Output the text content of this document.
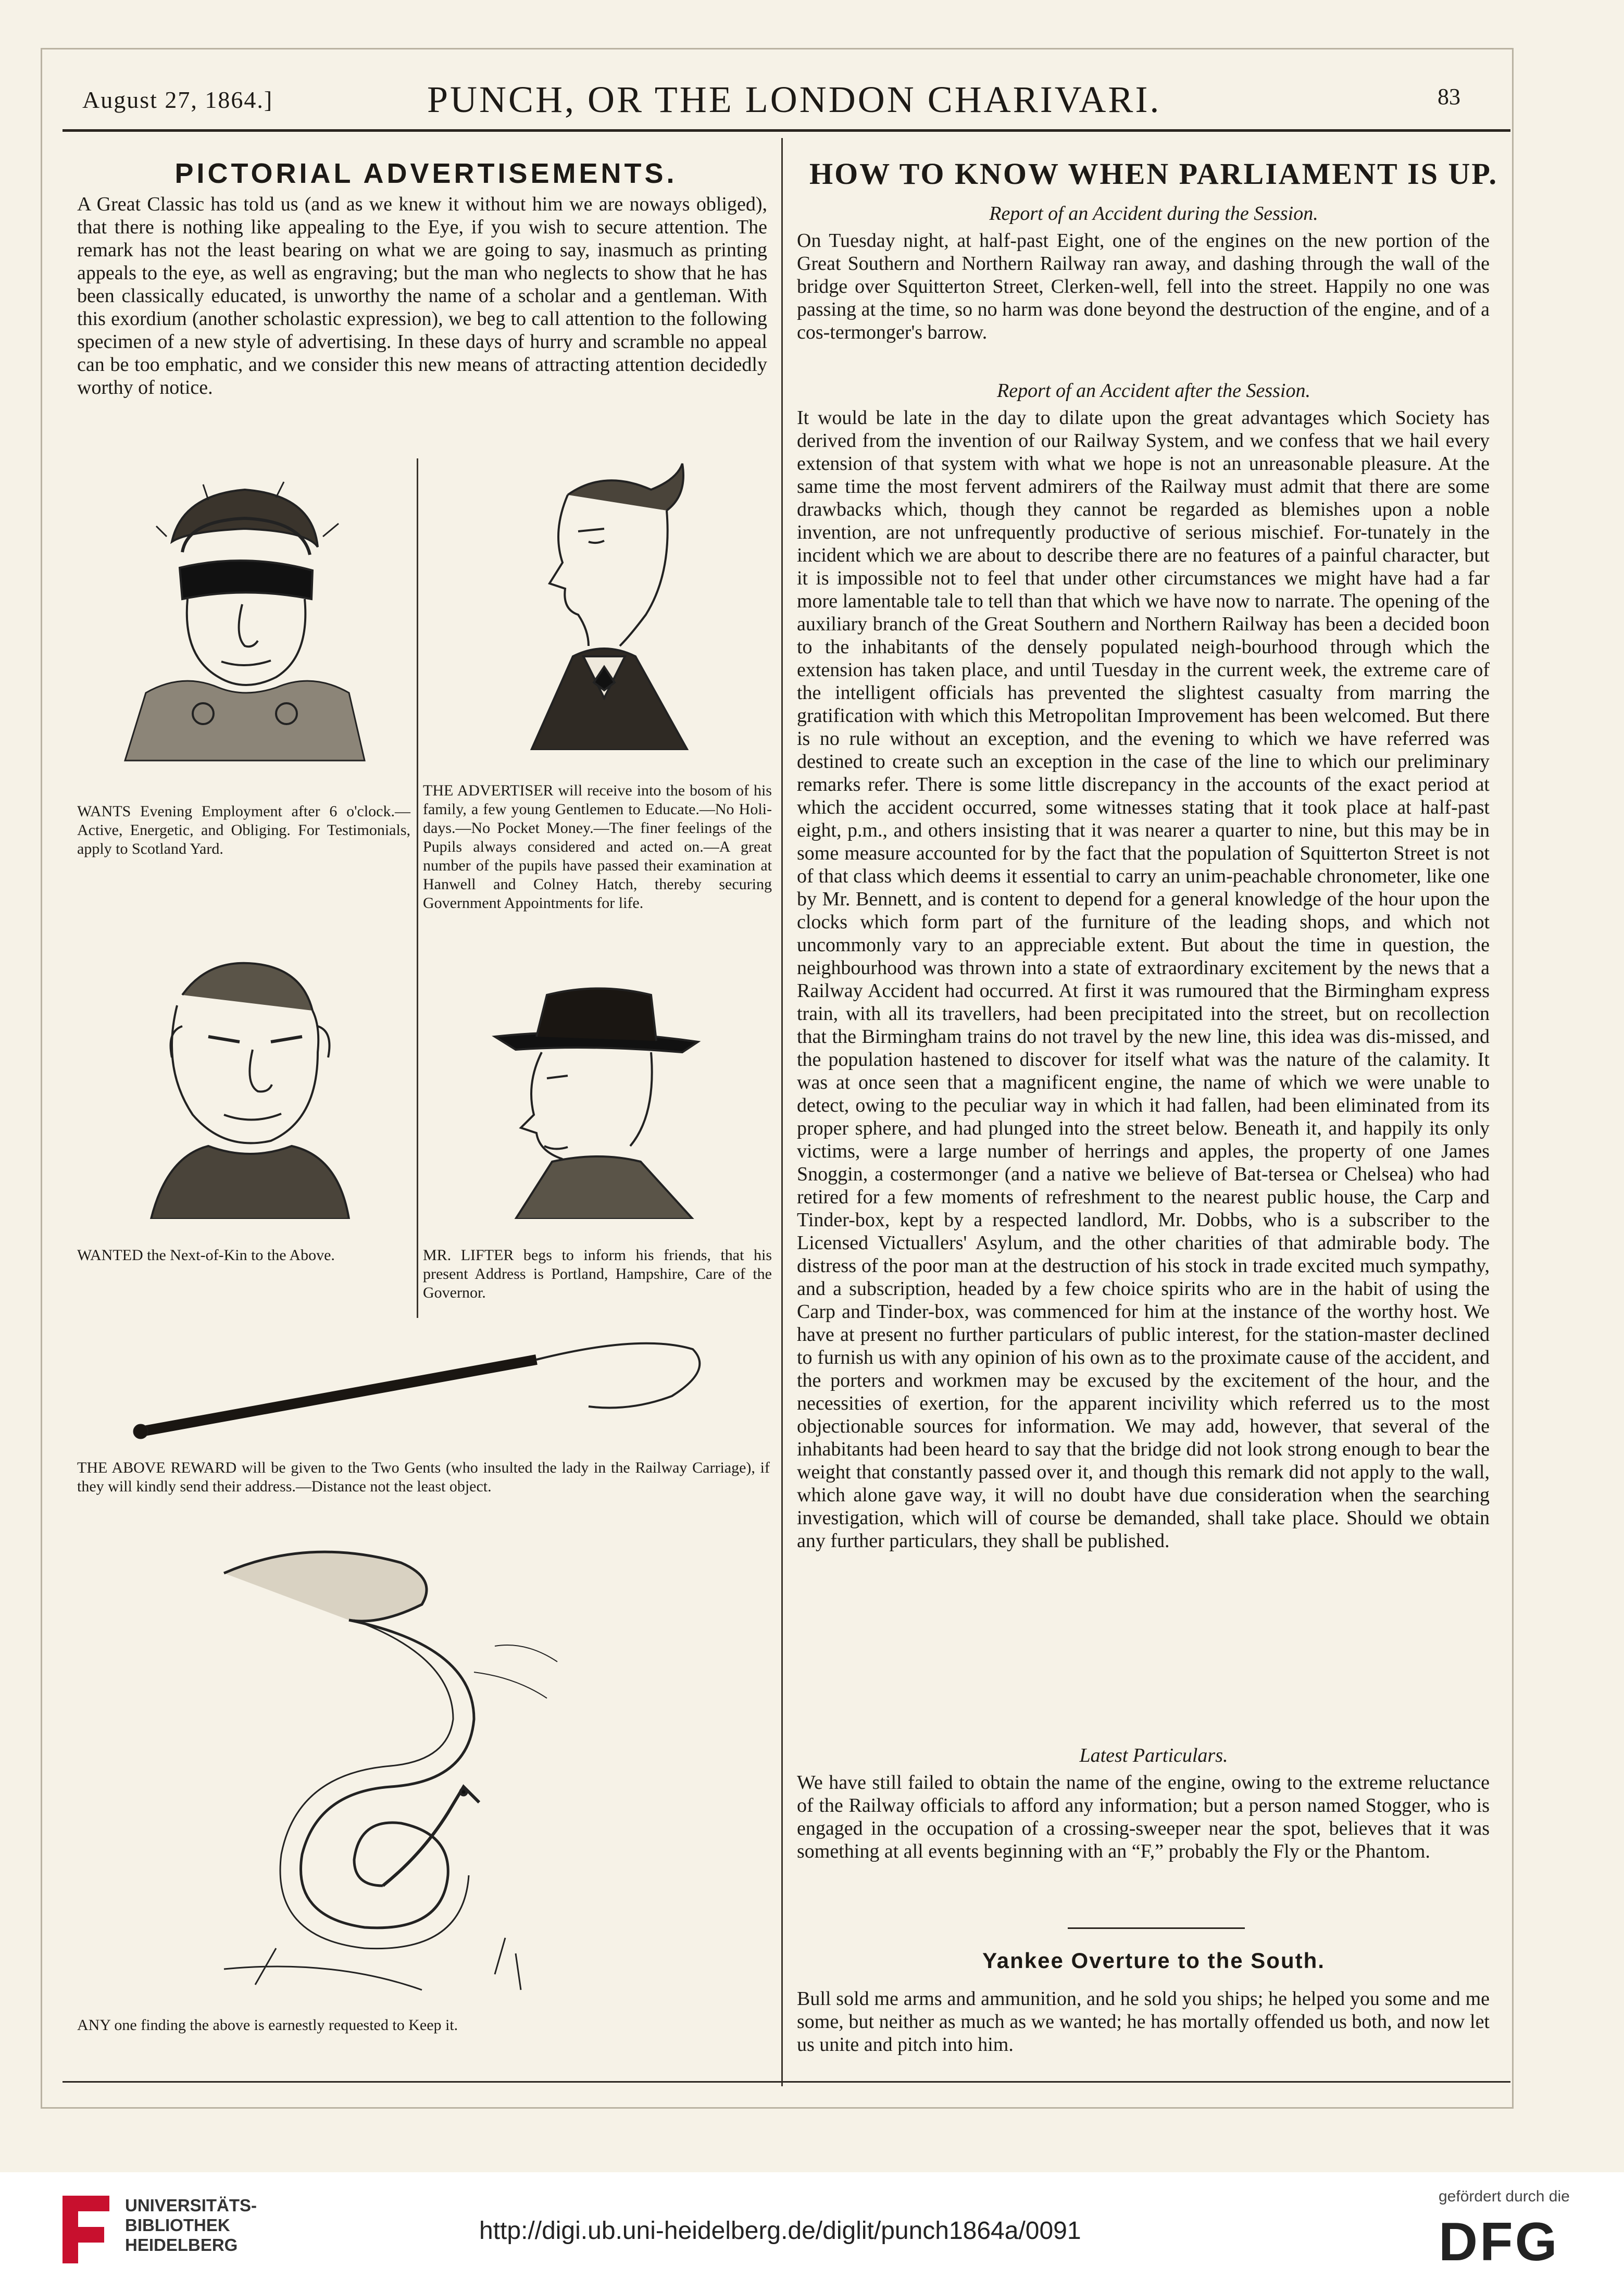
August 27, 1864.]	PUNCH, OR THE LONDON CHARIVARI.	83
PICTORIAL ADVERTISEMENTS.

A Great Classic has told us (and as we knew it without him we are noways obliged), that there is nothing like appealing to the Eye, if you wish to secure attention. The remark has not the least bearing on what we are going to say, inasmuch as printing appeals to the eye, as well as engraving; but the man who neglects to show that he has been classically educated, is unworthy the name of a scholar and a gentleman. With this exordium (another scholastic expression), we beg to call attention to the following specimen of a new style of advertising. In these days of hurry and scramble no appeal can be too emphatic, and we consider this new means of attracting attention decidedly worthy of notice.

WANTS Evening Employment after 6 o'clock.—Active, Energetic, and Obliging. For Testimonials, apply to Scotland Yard.

THE ADVERTISER will receive into the bosom of his family, a few young Gentlemen to Educate.—No Holi-days.—No Pocket Money.—The finer feelings of the Pupils always considered and acted on.—A great number of the pupils have passed their examination at Hanwell and Colney Hatch, thereby securing Government Appointments for life.

WANTED the Next-of-Kin to the Above.	MR. LIFTER begs to inform his friends, that his present Address is Portland, Hampshire, Care of the Governor.

THE ABOVE REWARD will be given to the Two Gents (who insulted the lady in the Railway Carriage), if they will kindly send their address.—Distance not the least object.

ANY one finding the above is earnestly requested to Keep it.

HOW TO KNOW WHEN PARLIAMENT IS UP.

Report of an Accident during the Session.

On Tuesday night, at half-past Eight, one of the engines on the new portion of the Great Southern and Northern Railway ran away, and dashing through the wall of the bridge over Squitterton Street, Clerken-well, fell into the street. Happily no one was passing at the time, so no harm was done beyond the destruction of the engine, and of a cos-termonger's barrow.

Report of an Accident after the Session.

It would be late in the day to dilate upon the great advantages which Society has derived from the invention of our Railway System, and we confess that we hail every extension of that system with what we hope is not an unreasonable pleasure. At the same time the most fervent admirers of the Railway must admit that there are some drawbacks which, though they cannot be regarded as blemishes upon a noble invention, are not unfrequently productive of serious mischief. For-tunately in the incident which we are about to describe there are no features of a painful character, but it is impossible not to feel that under other circumstances we might have had a far more lamentable tale to tell than that which we have now to narrate. The opening of the auxiliary branch of the Great Southern and Northern Railway has been a decided boon to the inhabitants of the densely populated neigh-bourhood through which the extension has taken place, and until Tuesday in the current week, the extreme care of the intelligent officials has prevented the slightest casualty from marring the gratification with which this Metropolitan Improvement has been welcomed. But there is no rule without an exception, and the evening to which we have referred was destined to create such an exception in the case of the line to which our preliminary remarks refer. There is some little discrepancy in the accounts of the exact period at which the accident occurred, some witnesses stating that it took place at half-past eight, p.m., and others insisting that it was nearer a quarter to nine, but this may be in some measure accounted for by the fact that the population of Squitterton Street is not of that class which deems it essential to carry an unim-peachable chronometer, like one by Mr. Bennett, and is content to depend for a general knowledge of the hour upon the clocks which form part of the furniture of the leading shops, and which not uncommonly vary to an appreciable extent. But about the time in question, the neighbourhood was thrown into a state of extraordinary excitement by the news that a Railway Accident had occurred. At first it was rumoured that the Birmingham express train, with all its travellers, had been precipitated into the street, but on recollection that the Birmingham trains do not travel by the new line, this idea was dis-missed, and the population hastened to discover for itself what was the nature of the calamity. It was at once seen that a magnificent engine, the name of which we were unable to detect, owing to the peculiar way in which it had fallen, had been eliminated from its proper sphere, and had plunged into the street below. Beneath it, and happily its only victims, were a large number of herrings and apples, the property of one James Snoggin, a costermonger (and a native we believe of Bat-tersea or Chelsea) who had retired for a few moments of refreshment to the nearest public house, the Carp and Tinder-box, kept by a respected landlord, Mr. Dobbs, who is a subscriber to the Licensed Victuallers' Asylum, and the other charities of that admirable body. The distress of the poor man at the destruction of his stock in trade excited much sympathy, and a subscription, headed by a few choice spirits who are in the habit of using the Carp and Tinder-box, was commenced for him at the instance of the worthy host. We have at present no further particulars of public interest, for the station-master declined to furnish us with any opinion of his own as to the proximate cause of the accident, and the porters and workmen may be excused by the excitement of the hour, and the necessities of exertion, for the apparent incivility which referred us to the most objectionable sources for information. We may add, however, that several of the inhabitants had been heard to say that the bridge did not look strong enough to bear the weight that constantly passed over it, and though this remark did not apply to the wall, which alone gave way, it will no doubt have due consideration when the searching investigation, which will of course be demanded, shall take place. Should we obtain any further particulars, they shall be published.

Latest Particulars.

We have still failed to obtain the name of the engine, owing to the extreme reluctance of the Railway officials to afford any information; but a person named Stogger, who is engaged in the occupation of a crossing-sweeper near the spot, believes that it was something at all events beginning with an “F,” probably the Fly or the Phantom.

Yankee Overture to the South.

Bull sold me arms and ammunition, and he sold you ships; he helped you some and me some, but neither as much as we wanted; he has mortally offended us both, and now let us unite and pitch into him.

UNIVERSITÄTS-
BIBLIOTHEK
HEIDELBERG
http://digi.ub.uni-heidelberg.de/diglit/punch1864a/0091
gefördert durch die
DFG
